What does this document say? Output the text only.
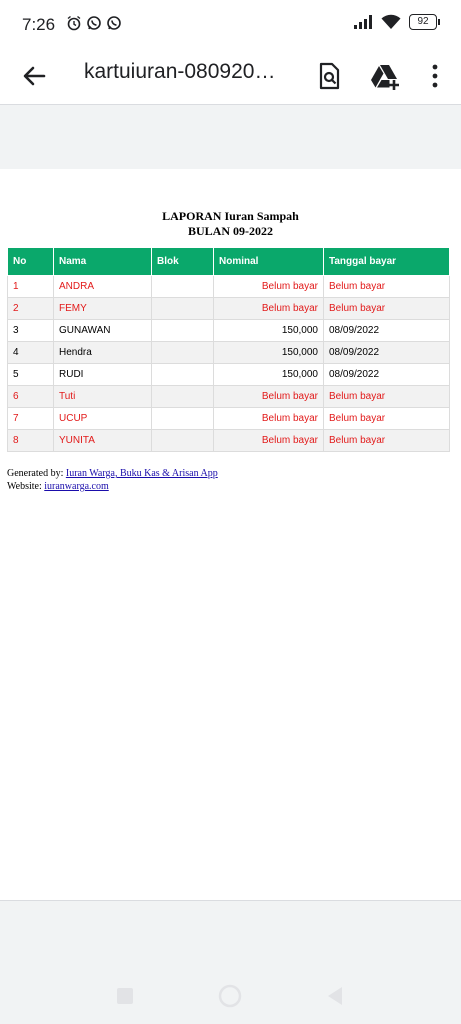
7:26	92
kartuiuran-080920…
LAPORAN Iuran Sampah
BULAN 09-2022
No	Nama	Blok	Nominal	Tanggal bayar
1	ANDRA		Belum bayar	Belum bayar
2	FEMY		Belum bayar	Belum bayar
3	GUNAWAN		150,000	08/09/2022
4	Hendra		150,000	08/09/2022
5	RUDI		150,000	08/09/2022
6	Tuti		Belum bayar	Belum bayar
7	UCUP		Belum bayar	Belum bayar
8	YUNITA		Belum bayar	Belum bayar
Generated by: Iuran Warga, Buku Kas & Arisan App
Website: iuranwarga.com
